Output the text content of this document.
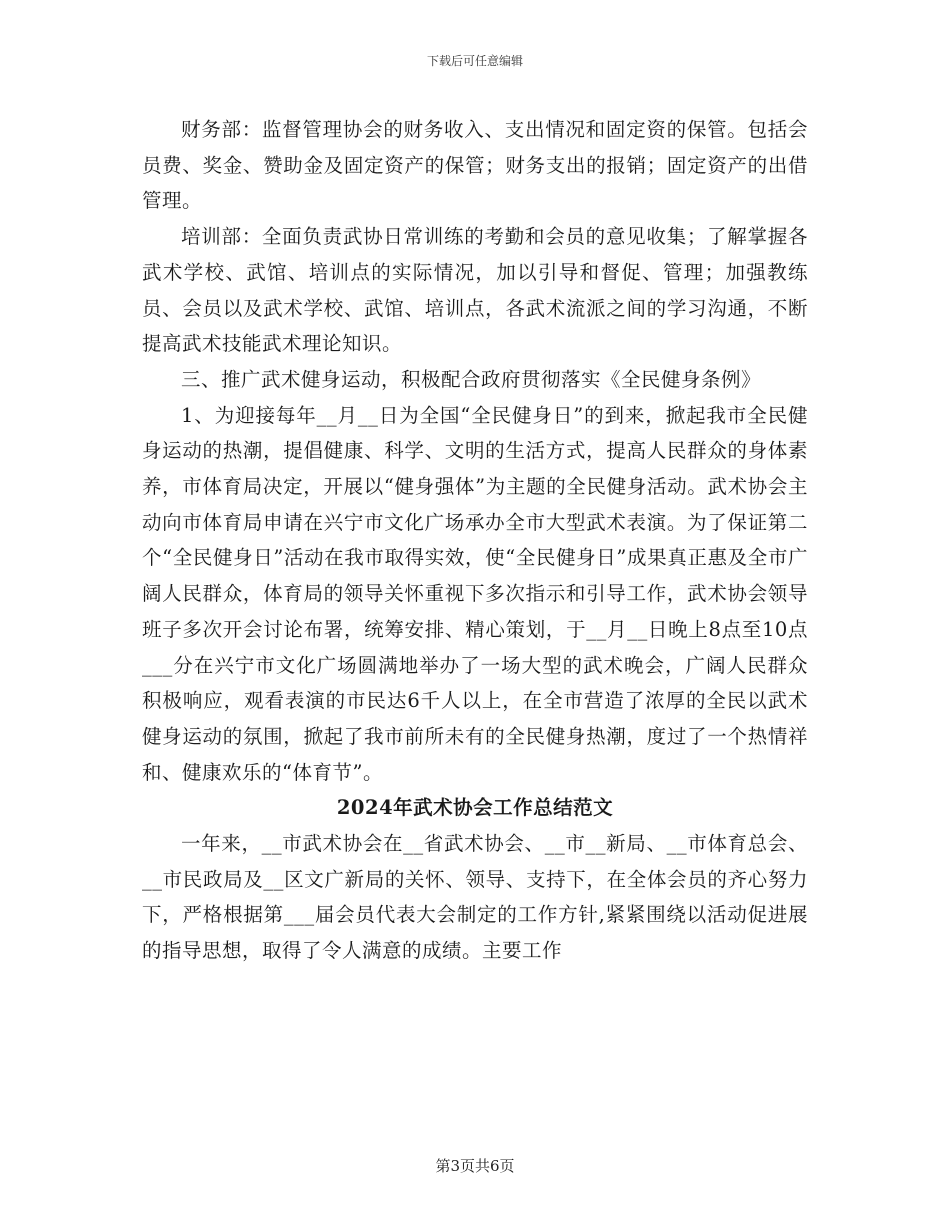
下载后可任意编辑

财务部：监督管理协会的财务收入、支出情况和固定资的保管。包括会员费、奖金、赞助金及固定资产的保管；财务支出的报销；固定资产的出借管理。

培训部：全面负责武协日常训练的考勤和会员的意见收集；了解掌握各武术学校、武馆、培训点的实际情况，加以引导和督促、管理；加强教练员、会员以及武术学校、武馆、培训点，各武术流派之间的学习沟通，不断提高武术技能武术理论知识。

三、推广武术健身运动，积极配合政府贯彻落实《全民健身条例》

1、为迎接每年__月__日为全国“全民健身日”的到来，掀起我市全民健身运动的热潮，提倡健康、科学、文明的生活方式，提高人民群众的身体素养，市体育局决定，开展以“健身强体”为主题的全民健身活动。武术协会主动向市体育局申请在兴宁市文化广场承办全市大型武术表演。为了保证第二个“全民健身日”活动在我市取得实效，使“全民健身日”成果真正惠及全市广阔人民群众，体育局的领导关怀重视下多次指示和引导工作，武术协会领导班子多次开会讨论布署，统筹安排、精心策划，于__月__日晚上8点至10点___分在兴宁市文化广场圆满地举办了一场大型的武术晚会，广阔人民群众积极响应，观看表演的市民达6千人以上，在全市营造了浓厚的全民以武术健身运动的氛围，掀起了我市前所未有的全民健身热潮，度过了一个热情祥和、健康欢乐的“体育节”。

2024年武术协会工作总结范文

一年来，__市武术协会在__省武术协会、__市__新局、__市体育总会、__市民政局及__区文广新局的关怀、领导、支持下，在全体会员的齐心努力下，严格根据第___届会员代表大会制定的工作方针,紧紧围绕以活动促进展的指导思想，取得了令人满意的成绩。主要工作

第3页共6页
